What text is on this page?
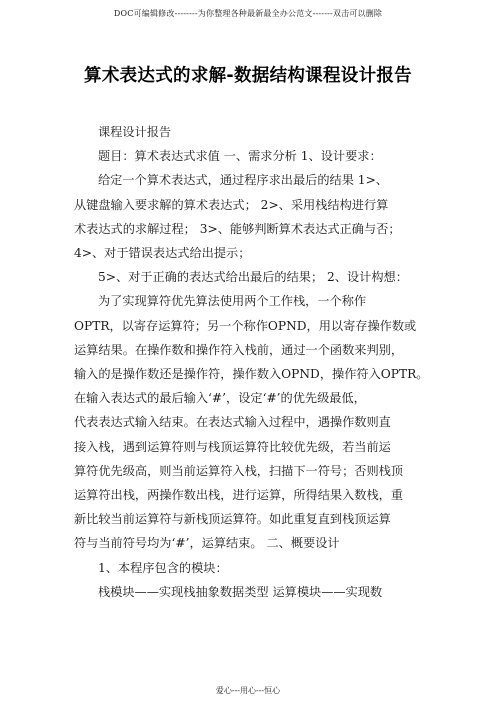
DOC可编辑修改--------为你整理各种最新最全办公范文-------双击可以删除
算术表达式的求解-数据结构课程设计报告

课程设计报告

题目：算术表达式求值 一、需求分析 1、设计要求：

给定一个算术表达式，通过程序求出最后的结果 1>、

从键盘输入要求解的算术表达式； 2>、采用栈结构进行算
术表达式的求解过程； 3>、能够判断算术表达式正确与否；
4>、对于错误表达式给出提示；

5>、对于正确的表达式给出最后的结果； 2、设计构想：

为了实现算符优先算法使用两个工作栈，一个称作

OPTR，以寄存运算符；另一个称作OPND，用以寄存操作数或
运算结果。在操作数和操作符入栈前，通过一个函数来判别，
输入的是操作数还是操作符，操作数入OPND，操作符入OPTR。
在输入表达式的最后输入‘#’，设定‘#’的优先级最低，
代表表达式输入结束。在表达式输入过程中，遇操作数则直
接入栈，遇到运算符则与栈顶运算符比较优先级，若当前运
算符优先级高，则当前运算符入栈，扫描下一符号；否则栈顶
运算符出栈，两操作数出栈，进行运算，所得结果入数栈，重
新比较当前运算符与新栈顶运算符。如此重复直到栈顶运算
符与当前符号均为‘#’，运算结束。 二、概要设计

1、本程序包含的模块：

栈模块——实现栈抽象数据类型 运算模块——实现数

爱心---用心---恒心
